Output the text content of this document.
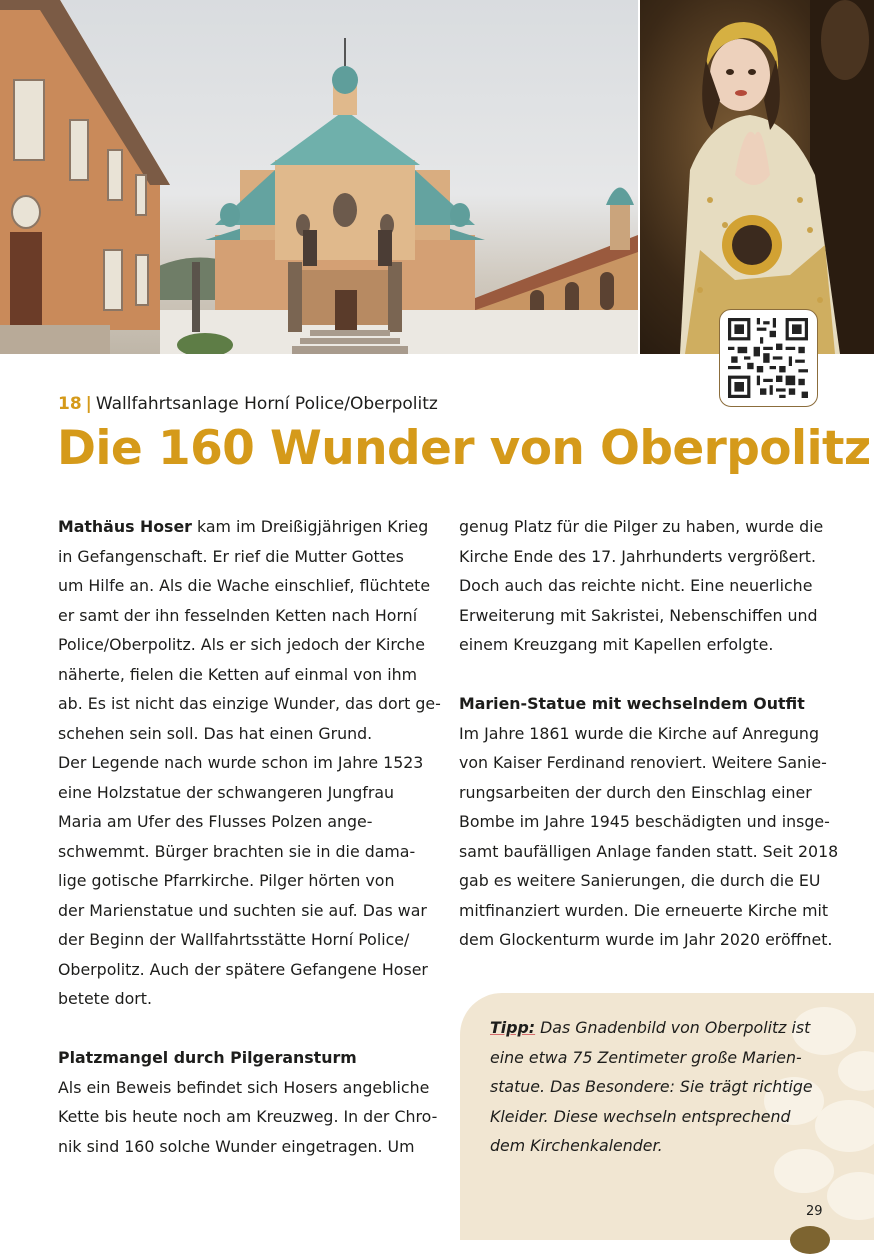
18 | Wallfahrtsanlage Horní Police/Oberpolitz
Die 160 Wunder von Oberpolitz

Mathäus Hoser kam im Dreißigjährigen Krieg

in Gefangenschaft. Er rief die Mutter Gottes

um Hilfe an. Als die Wache einschlief, flüchtete

er samt der ihn fesselnden Ketten nach Horní

Police/Oberpolitz. Als er sich jedoch der Kirche

näherte, fielen die Ketten auf einmal von ihm

ab. Es ist nicht das einzige Wunder, das dort ge-

schehen sein soll. Das hat einen Grund.

Der Legende nach wurde schon im Jahre 1523

eine Holzstatue der schwangeren Jungfrau

Maria am Ufer des Flusses Polzen ange-

schwemmt. Bürger brachten sie in die dama-

lige gotische Pfarrkirche. Pilger hörten von

der Marienstatue und suchten sie auf. Das war

der Beginn der Wallfahrtsstätte Horní Police/

Oberpolitz. Auch der spätere Gefangene Hoser

betete dort.

Platzmangel durch Pilgeransturm

Als ein Beweis befindet sich Hosers angebliche

Kette bis heute noch am Kreuzweg. In der Chro-

nik sind 160 solche Wunder eingetragen. Um

genug Platz für die Pilger zu haben, wurde die

Kirche Ende des 17. Jahrhunderts vergrößert.

Doch auch das reichte nicht. Eine neuerliche

Erweiterung mit Sakristei, Nebenschiffen und

einem Kreuzgang mit Kapellen erfolgte.

Marien-Statue mit wechselndem Outfit

Im Jahre 1861 wurde die Kirche auf Anregung

von Kaiser Ferdinand renoviert. Weitere Sanie-

rungsarbeiten der durch den Einschlag einer

Bombe im Jahre 1945 beschädigten und insge-

samt baufälligen Anlage fanden statt. Seit 2018

gab es weitere Sanierungen, die durch die EU

mitfinanziert wurden. Die erneuerte Kirche mit

dem Glockenturm wurde im Jahr 2020 eröffnet.

Tipp: Das Gnadenbild von Oberpolitz ist

eine etwa 75 Zentimeter große Marien-

statue. Das Besondere: Sie trägt richtige

Kleider. Diese wechseln entsprechend

dem Kirchenkalender.

29
